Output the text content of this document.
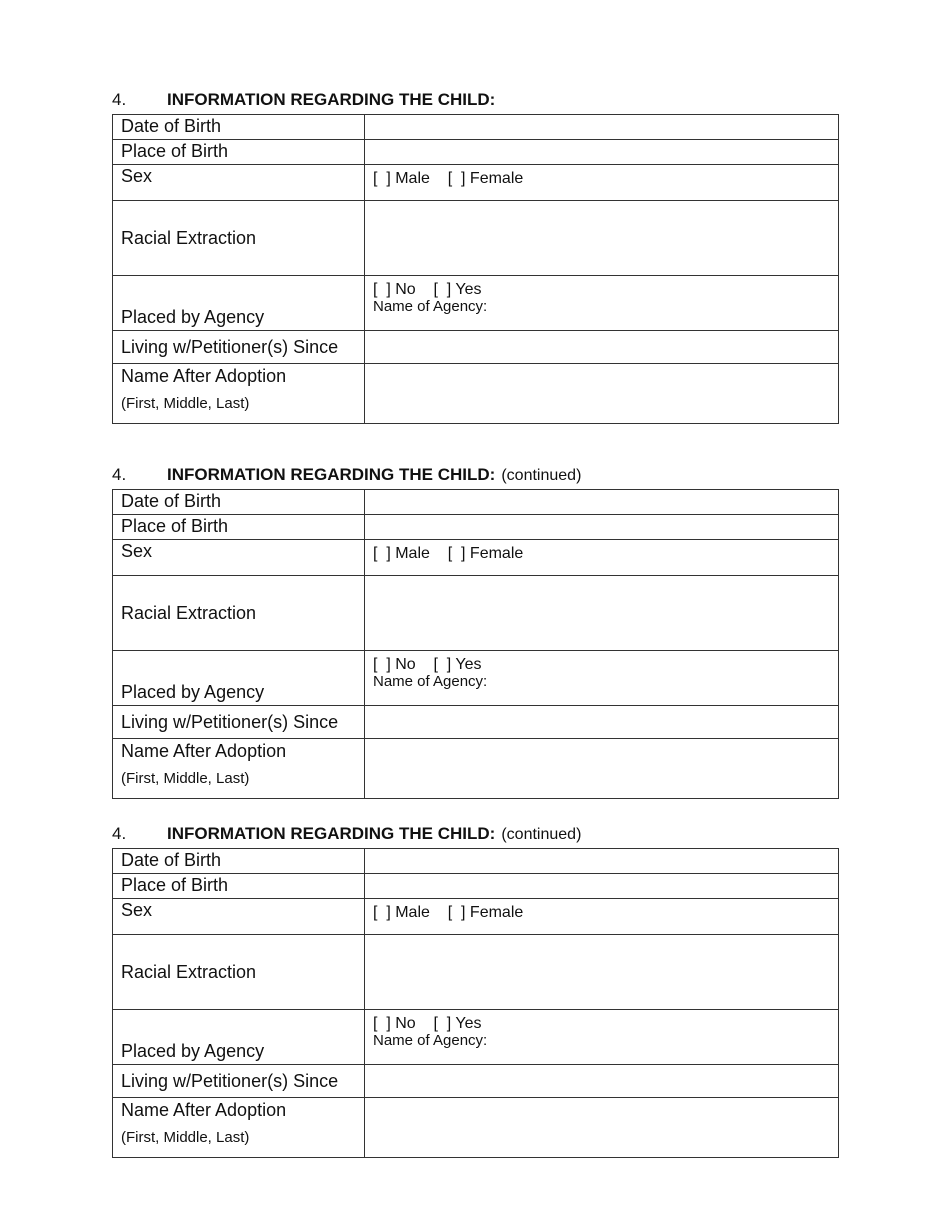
4. INFORMATION REGARDING THE CHILD:
Date of Birth	
Place of Birth	
Sex	[  ] Male    [  ] Female
Racial Extraction	
Placed by Agency	[  ] No    [  ] Yes
Name of Agency:

Living w/Petitioner(s) Since	
Name After Adoption
(First, Middle, Last)	

4. INFORMATION REGARDING THE CHILD: (continued)
Date of Birth	
Place of Birth	
Sex	[  ] Male    [  ] Female
Racial Extraction	
Placed by Agency	[  ] No    [  ] Yes
Name of Agency:

Living w/Petitioner(s) Since	
Name After Adoption
(First, Middle, Last)	

4. INFORMATION REGARDING THE CHILD: (continued)
Date of Birth	
Place of Birth	
Sex	[  ] Male    [  ] Female
Racial Extraction	
Placed by Agency	[  ] No    [  ] Yes
Name of Agency:

Living w/Petitioner(s) Since	
Name After Adoption
(First, Middle, Last)	
